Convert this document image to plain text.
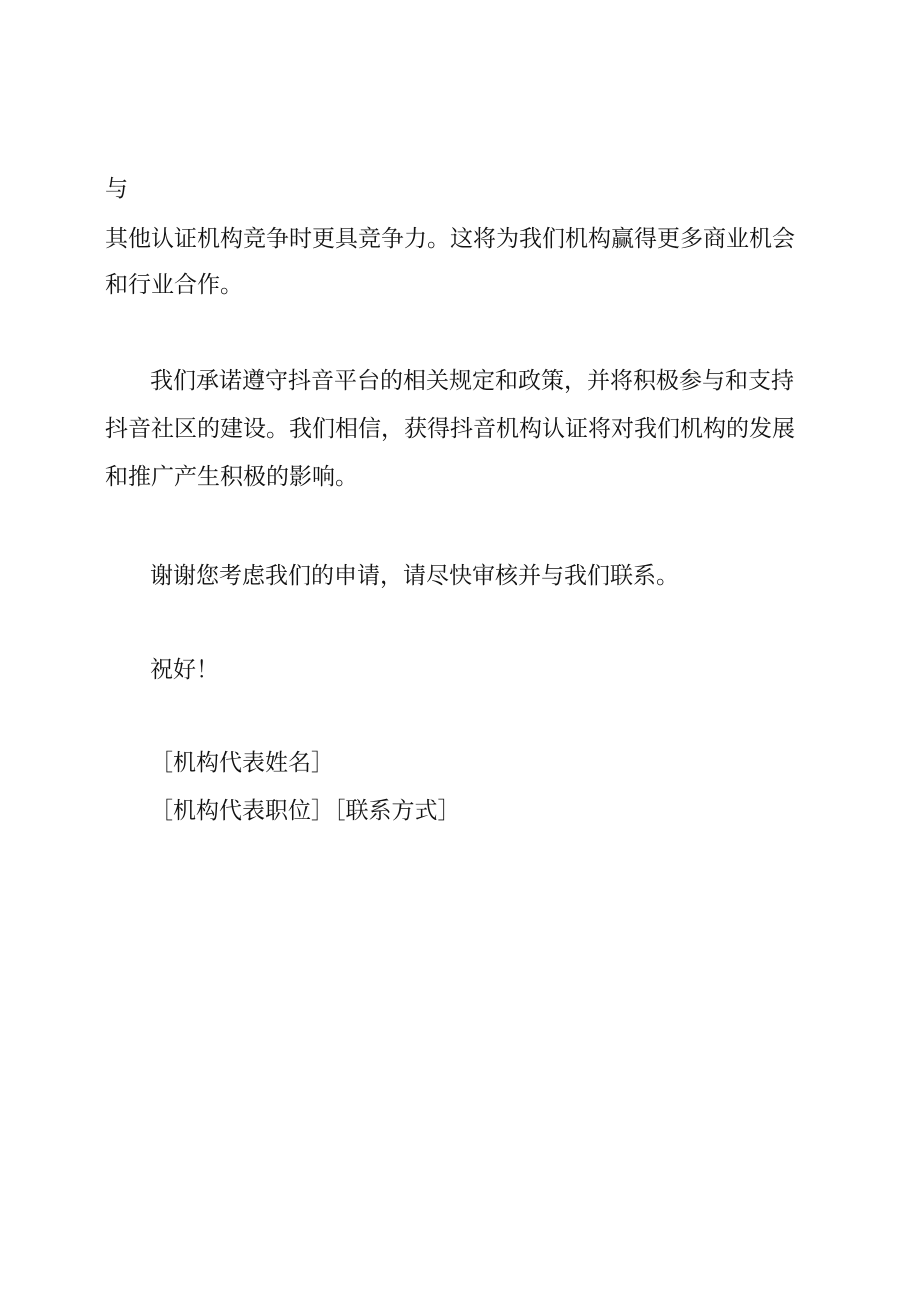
与
其他认证机构竞争时更具竞争力。这将为我们机构赢得更多商业机会
和行业合作。
我们承诺遵守抖音平台的相关规定和政策，并将积极参与和支持
抖音社区的建设。我们相信，获得抖音机构认证将对我们机构的发展
和推广产生积极的影响。
谢谢您考虑我们的申请，请尽快审核并与我们联系。
祝好！
［机构代表姓名］
［机构代表职位］［联系方式］
